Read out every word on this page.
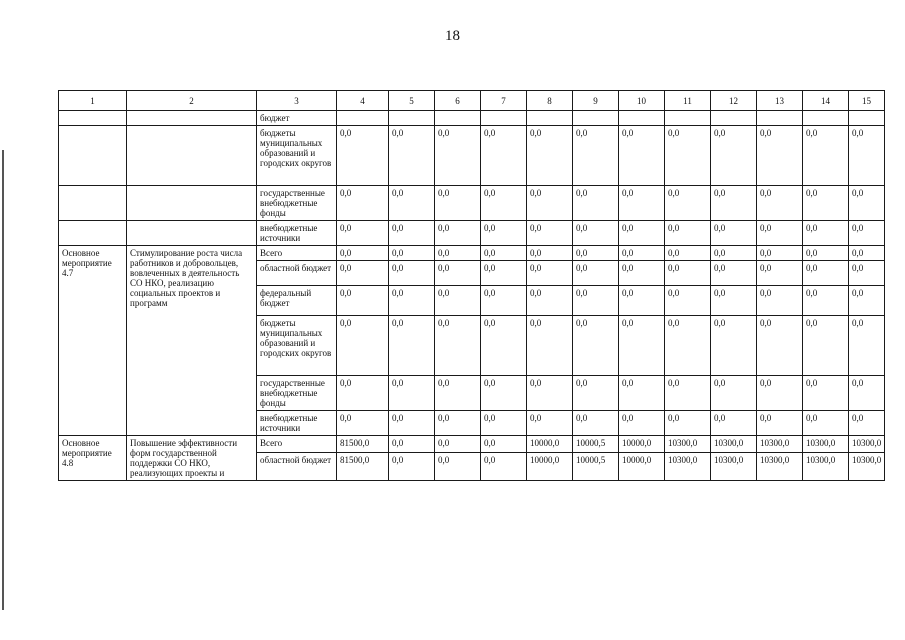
18
1	2	3	4	5	6	7	8	9	10	11	12	13	14	15
		бюджет												
		бюджеты муниципальных образований и городских округов	0,0	0,0	0,0	0,0	0,0	0,0	0,0	0,0	0,0	0,0	0,0	0,0
		государственные внебюджетные фонды	0,0	0,0	0,0	0,0	0,0	0,0	0,0	0,0	0,0	0,0	0,0	0,0
		внебюджетные источники	0,0	0,0	0,0	0,0	0,0	0,0	0,0	0,0	0,0	0,0	0,0	0,0
Основное мероприятие 4.7	Стимулирование роста числа работников и добровольцев, вовлеченных в деятельность СО НКО, реализацию социальных проектов и программ	Всего	0,0	0,0	0,0	0,0	0,0	0,0	0,0	0,0	0,0	0,0	0,0	0,0
		областной бюджет	0,0	0,0	0,0	0,0	0,0	0,0	0,0	0,0	0,0	0,0	0,0	0,0
		федеральный бюджет	0,0	0,0	0,0	0,0	0,0	0,0	0,0	0,0	0,0	0,0	0,0	0,0
		бюджеты муниципальных образований и городских округов	0,0	0,0	0,0	0,0	0,0	0,0	0,0	0,0	0,0	0,0	0,0	0,0
		государственные внебюджетные фонды	0,0	0,0	0,0	0,0	0,0	0,0	0,0	0,0	0,0	0,0	0,0	0,0
		внебюджетные источники	0,0	0,0	0,0	0,0	0,0	0,0	0,0	0,0	0,0	0,0	0,0	0,0
Основное мероприятие 4.8	Повышение эффективности форм государственной поддержки СО НКО, реализующих проекты и	Всего	81500,0	0,0	0,0	0,0	10000,0	10000,5	10000,0	10300,0	10300,0	10300,0	10300,0	10300,0
		областной бюджет	81500,0	0,0	0,0	0,0	10000,0	10000,5	10000,0	10300,0	10300,0	10300,0	10300,0	10300,0
